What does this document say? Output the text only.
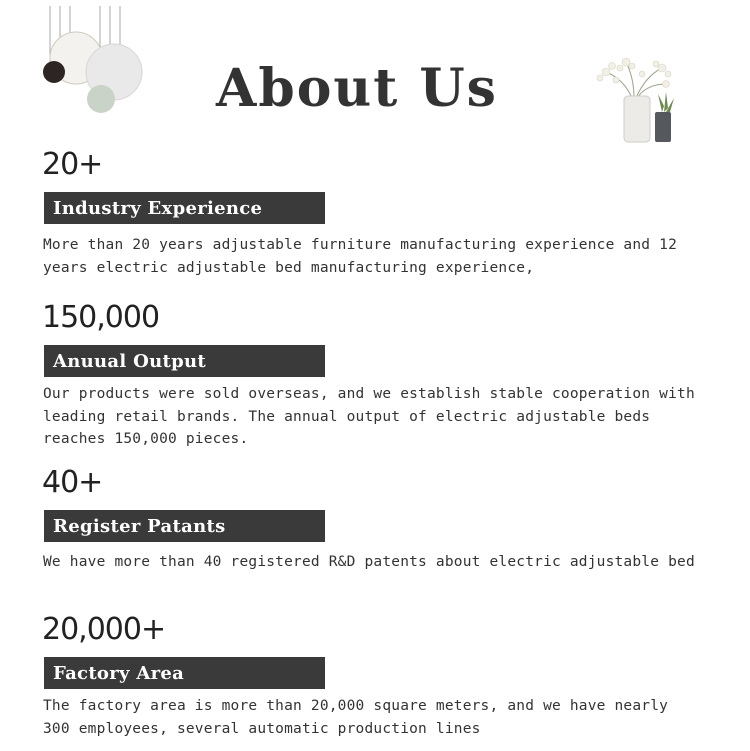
About Us
20+
Industry Experience

More than 20 years adjustable furniture manufacturing experience and 12 years electric adjustable bed manufacturing experience,

150,000
Anuual Output

Our products were sold overseas, and we establish stable cooperation with leading retail brands. The annual output of electric adjustable beds reaches 150,000 pieces.

40+
Register Patants

We have more than 40 registered R&D patents about electric adjustable bed

20,000+
Factory Area

The factory area is more than 20,000 square meters, and we have nearly 300 employees, several automatic production lines
